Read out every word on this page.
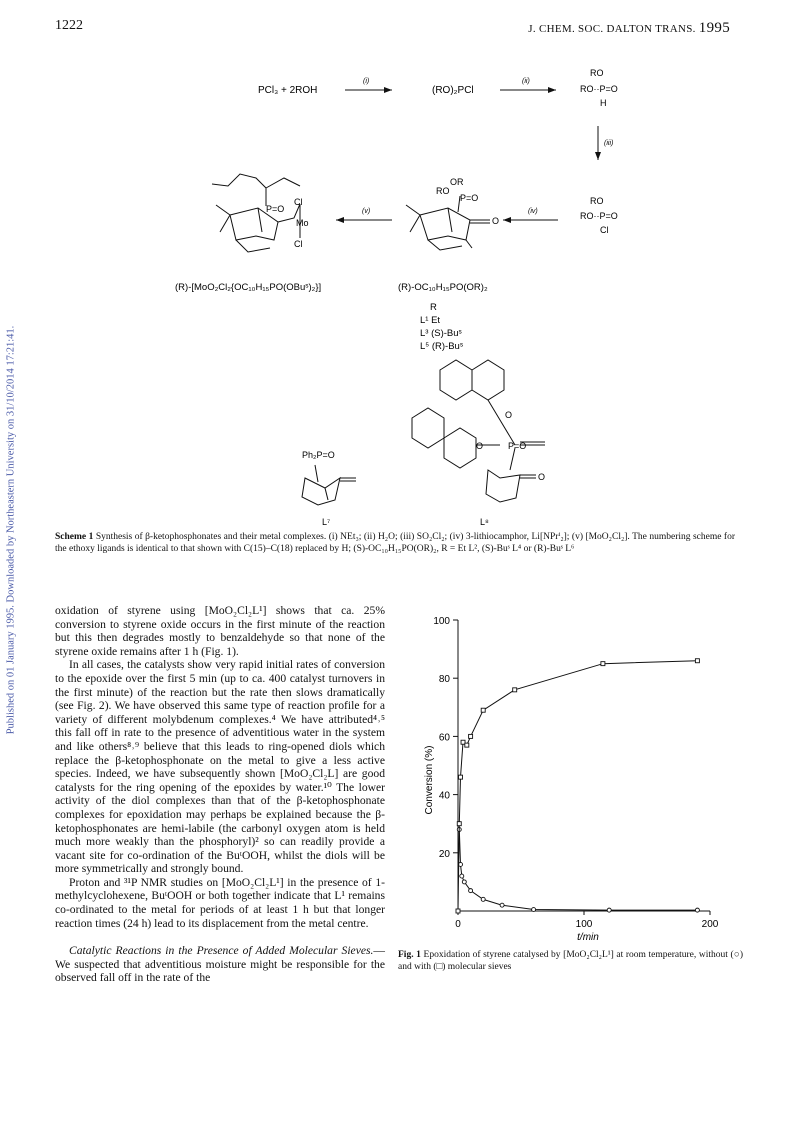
Published on 01 January 1995. Downloaded by Northeastern University on 31/10/2014 17:21:41.
1222	J. CHEM. SOC. DALTON TRANS. 1995
PCl₃ + 2ROH
(i)
(RO)₂PCl
(ii)
RO
RO··P=O
H
(iii)
RO
RO··P=O
Cl
(iv)
OR
RO
P=O
O
(v)
P=O
Cl
Mo
Cl
(R)-[MoO₂Cl₂{OC₁₀H₁₅PO(OBuˢ)₂}]	(R)-OC₁₀H₁₅PO(OR)₂
Ph₂P=O
L⁷
O
O	P=O
O
L⁸
R
L¹ Et
L³ (S)-Buˢ
L⁵ (R)-Buˢ
Scheme 1 Synthesis of β-ketophosphonates and their metal complexes. (i) NEt₃; (ii) H₂O; (iii) SO₂Cl₂; (iv) 3-lithiocamphor, Li[NPrⁱ₂]; (v) [MoO₂Cl₂]. The numbering scheme for the ethoxy ligands is identical to that shown with C(15)–C(18) replaced by H; (S)-OC₁₀H₁₅PO(OR)₂, R = Et L², (S)-Buˢ L⁴ or (R)-Buˢ L⁶

oxidation of styrene using [MoO₂Cl₂L¹] shows that ca. 25% conversion to styrene oxide occurs in the first minute of the reaction but this then degrades mostly to benzaldehyde so that none of the styrene oxide remains after 1 h (Fig. 1).

In all cases, the catalysts show very rapid initial rates of conversion to the epoxide over the first 5 min (up to ca. 400 catalyst turnovers in the first minute) of the reaction but the rate then slows dramatically (see Fig. 2). We have observed this same type of reaction profile for a variety of different molybdenum complexes.⁴ We have attributed⁴˒⁵ this fall off in rate to the presence of adventitious water in the system and like others⁸˒⁹ believe that this leads to ring-opened diols which replace the β-ketophosphonate on the metal to give a less active species. Indeed, we have subsequently shown [MoO₂Cl₂L] are good catalysts for the ring opening of the epoxides by water.¹⁰ The lower activity of the diol complexes than that of the β-ketophosphonate complexes for epoxidation may perhaps be explained because the β-ketophosphonates are hemi-labile (the carbonyl oxygen atom is held much more weakly than the phosphoryl)² so can readily provide a vacant site for co-ordination of the BuᵗOOH, whilst the diols will be more symmetrically and strongly bound.

Proton and ³¹P NMR studies on [MoO₂Cl₂L¹] in the presence of 1-methylcyclohexene, BuᵗOOH or both together indicate that L¹ remains co-ordinated to the metal for periods of at least 1 h but that longer reaction times (24 h) lead to its displacement from the metal centre.

Catalytic Reactions in the Presence of Added Molecular Sieves.—We suspected that adventitious moisture might be responsible for the observed fall off in the rate of the

20
40
60
80
100
0	100	200
Conversion (%)
t/min
Fig. 1 Epoxidation of styrene catalysed by [MoO₂Cl₂L¹] at room temperature, without (○) and with (□) molecular sieves
